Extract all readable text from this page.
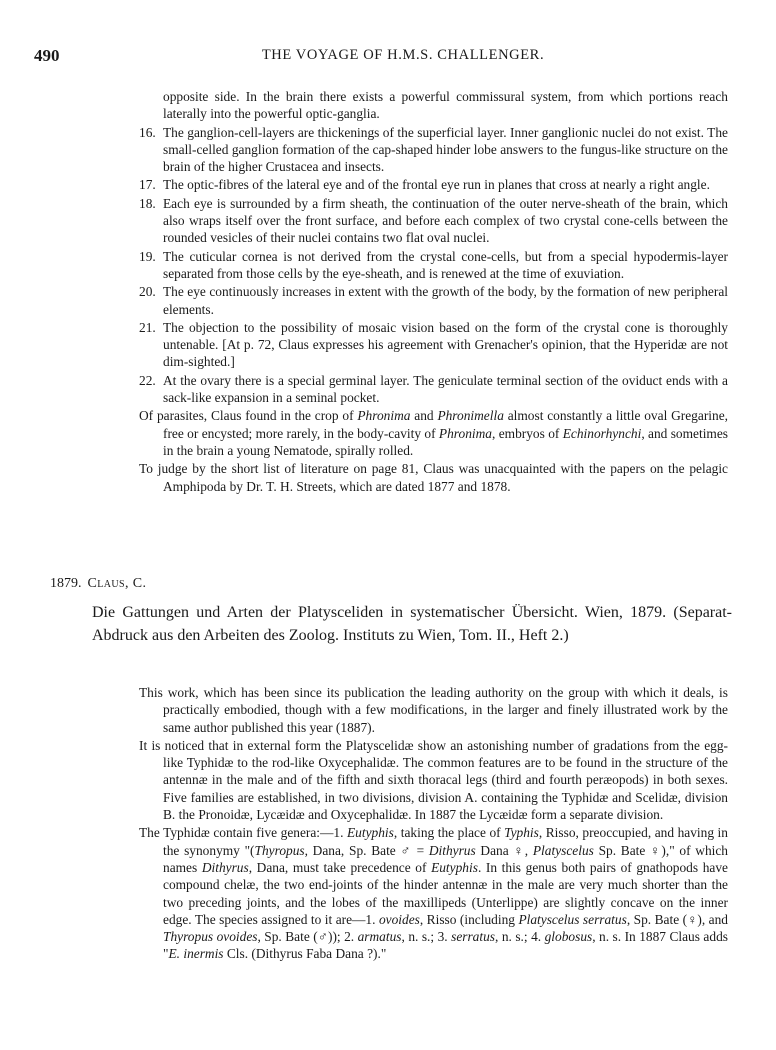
490	THE VOYAGE OF H.M.S. CHALLENGER.
opposite side. In the brain there exists a powerful commissural system, from which portions reach laterally into the powerful optic-ganglia.
16. The ganglion-cell-layers are thickenings of the superficial layer. Inner ganglionic nuclei do not exist. The small-celled ganglion formation of the cap-shaped hinder lobe answers to the fungus-like structure on the brain of the higher Crustacea and insects.
17. The optic-fibres of the lateral eye and of the frontal eye run in planes that cross at nearly a right angle.
18. Each eye is surrounded by a firm sheath, the continuation of the outer nerve-sheath of the brain, which also wraps itself over the front surface, and before each complex of two crystal cone-cells between the rounded vesicles of their nuclei contains two flat oval nuclei.
19. The cuticular cornea is not derived from the crystal cone-cells, but from a special hypodermis-layer separated from those cells by the eye-sheath, and is renewed at the time of exuviation.
20. The eye continuously increases in extent with the growth of the body, by the formation of new peripheral elements.
21. The objection to the possibility of mosaic vision based on the form of the crystal cone is thoroughly untenable. [At p. 72, Claus expresses his agreement with Grenacher's opinion, that the Hyperidæ are not dim-sighted.]
22. At the ovary there is a special germinal layer. The geniculate terminal section of the oviduct ends with a sack-like expansion in a seminal pocket.
Of parasites, Claus found in the crop of Phronima and Phronimella almost constantly a little oval Gregarine, free or encysted; more rarely, in the body-cavity of Phronima, embryos of Echinorhynchi, and sometimes in the brain a young Nematode, spirally rolled.
To judge by the short list of literature on page 81, Claus was unacquainted with the papers on the pelagic Amphipoda by Dr. T. H. Streets, which are dated 1877 and 1878.
1879. Claus, C.
Die Gattungen und Arten der Platysceliden in systematischer Übersicht. Wien, 1879. (Separat-Abdruck aus den Arbeiten des Zoolog. Instituts zu Wien, Tom. II., Heft 2.)
This work, which has been since its publication the leading authority on the group with which it deals, is practically embodied, though with a few modifications, in the larger and finely illustrated work by the same author published this year (1887).
It is noticed that in external form the Platyscelidæ show an astonishing number of gradations from the egg-like Typhidæ to the rod-like Oxycephalidæ. The common features are to be found in the structure of the antennæ in the male and of the fifth and sixth thoracal legs (third and fourth peræopods) in both sexes. Five families are established, in two divisions, division A. containing the Typhidæ and Scelidæ, division B. the Pronoidæ, Lycæidæ and Oxycephalidæ. In 1887 the Lycæidæ form a separate division.
The Typhidæ contain five genera:—1. Eutyphis, taking the place of Typhis, Risso, preoccupied, and having in the synonymy "(Thyropus, Dana, Sp. Bate ♂ = Dithyrus Dana ♀, Platyscelus Sp. Bate ♀)," of which names Dithyrus, Dana, must take precedence of Eutyphis. In this genus both pairs of gnathopods have compound chelæ, the two end-joints of the hinder antennæ in the male are very much shorter than the two preceding joints, and the lobes of the maxillipeds (Unterlippe) are slightly concave on the inner edge. The species assigned to it are—1. ovoides, Risso (including Platyscelus serratus, Sp. Bate (♀), and Thyropus ovoides, Sp. Bate (♂)); 2. armatus, n. s.; 3. serratus, n. s.; 4. globosus, n. s. In 1887 Claus adds "E. inermis Cls. (Dithyrus Faba Dana ?)."
